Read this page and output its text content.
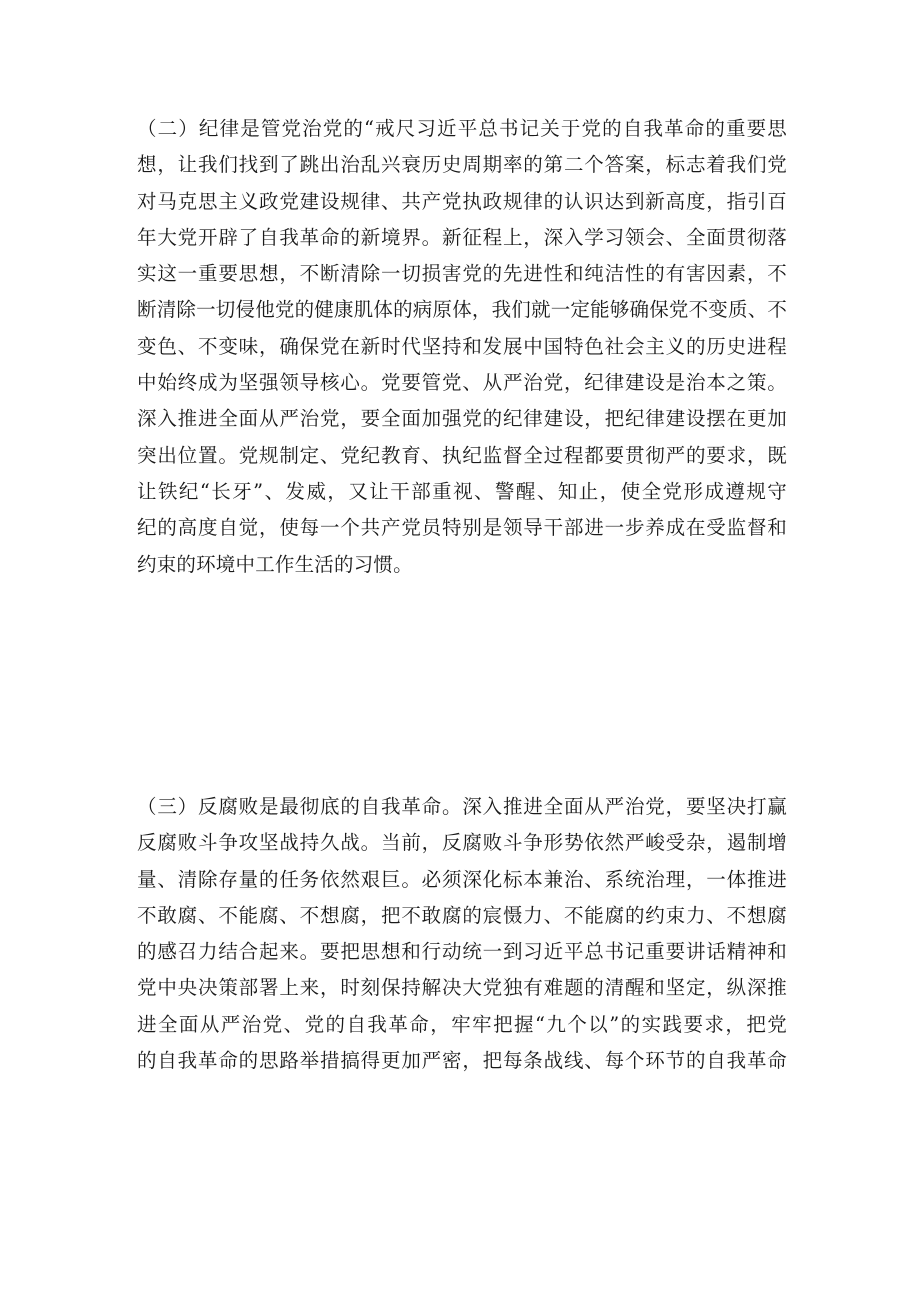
（二）纪律是管党治党的“戒尺习近平总书记关于党的自我革命的重要思
想，让我们找到了跳出治乱兴衰历史周期率的第二个答案，标志着我们党
对马克思主义政党建设规律、共产党执政规律的认识达到新高度，指引百
年大党开辟了自我革命的新境界。新征程上，深入学习领会、全面贯彻落
实这一重要思想，不断清除一切损害党的先进性和纯洁性的有害因素，不
断清除一切侵他党的健康肌体的病原体，我们就一定能够确保党不变质、不
变色、不变味，确保党在新时代坚持和发展中国特色社会主义的历史进程
中始终成为坚强领导核心。党要管党、从严治党，纪律建设是治本之策。
深入推进全面从严治党，要全面加强党的纪律建设，把纪律建设摆在更加
突出位置。党规制定、党纪教育、执纪监督全过程都要贯彻严的要求，既
让铁纪“长牙”、发威，又让干部重视、警醒、知止，使全党形成遵规守
纪的高度自觉，使每一个共产党员特别是领导干部进一步养成在受监督和
约束的环境中工作生活的习惯。
（三）反腐败是最彻底的自我革命。深入推进全面从严治党，要坚决打赢
反腐败斗争攻坚战持久战。当前，反腐败斗争形势依然严峻受杂，遏制增
量、清除存量的任务依然艰巨。必须深化标本兼治、系统治理，一体推进
不敢腐、不能腐、不想腐，把不敢腐的宸慑力、不能腐的约束力、不想腐
的感召力结合起来。要把思想和行动统一到习近平总书记重要讲话精神和
党中央决策部署上来，时刻保持解决大党独有难题的清醒和坚定，纵深推
进全面从严治党、党的自我革命，牢牢把握“九个以”的实践要求，把党
的自我革命的思路举措搞得更加严密，把每条战线、每个环节的自我革命
